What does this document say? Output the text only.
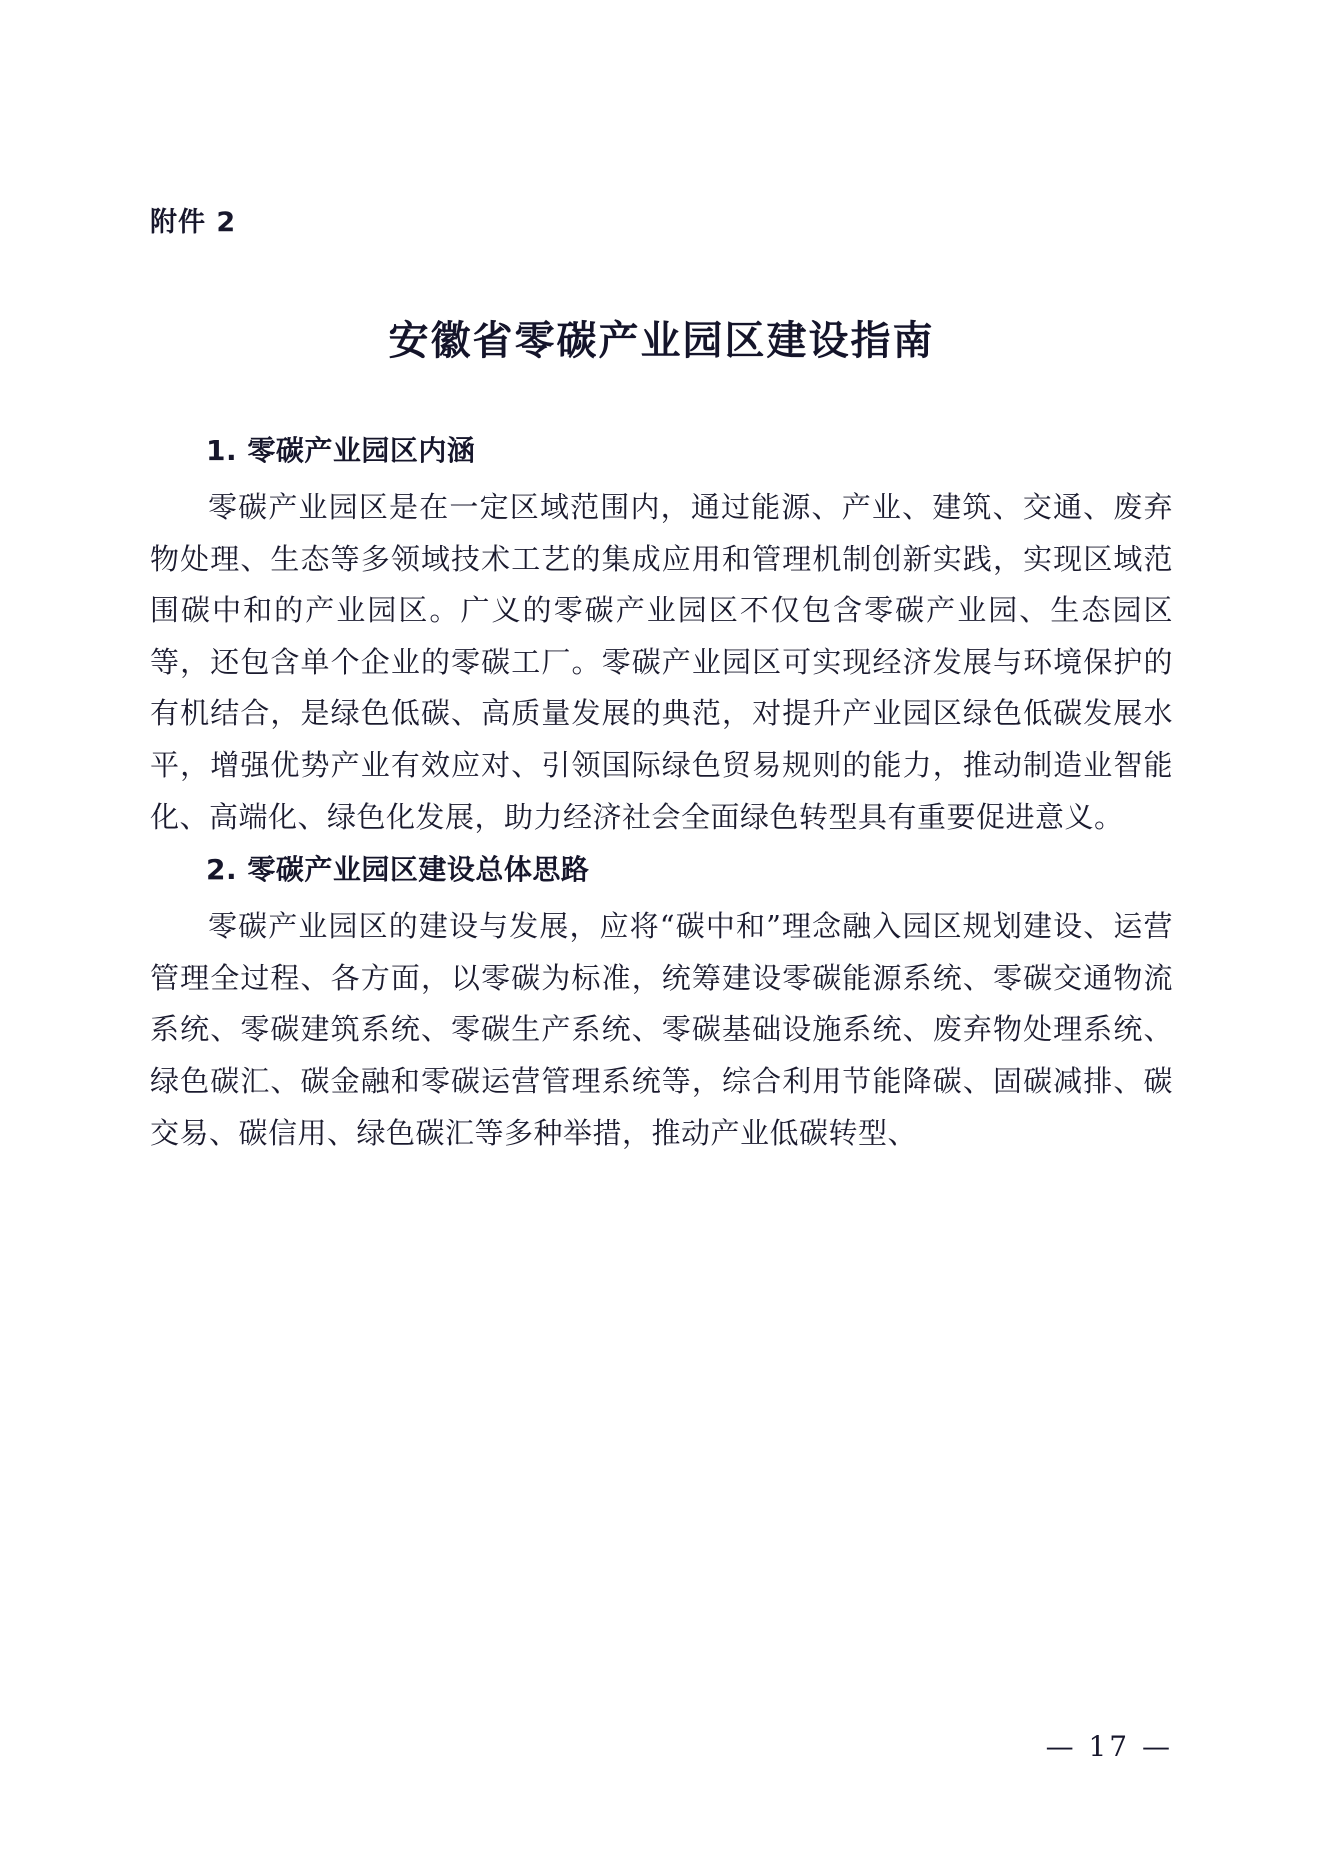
附件 2
安徽省零碳产业园区建设指南
1. 零碳产业园区内涵

零碳产业园区是在一定区域范围内，通过能源、产业、建筑、交通、废弃物处理、生态等多领域技术工艺的集成应用和管理机制创新实践，实现区域范围碳中和的产业园区。广义的零碳产业园区不仅包含零碳产业园、生态园区等，还包含单个企业的零碳工厂。零碳产业园区可实现经济发展与环境保护的有机结合，是绿色低碳、高质量发展的典范，对提升产业园区绿色低碳发展水平，增强优势产业有效应对、引领国际绿色贸易规则的能力，推动制造业智能化、高端化、绿色化发展，助力经济社会全面绿色转型具有重要促进意义。

2. 零碳产业园区建设总体思路

零碳产业园区的建设与发展，应将“碳中和”理念融入园区规划建设、运营管理全过程、各方面，以零碳为标准，统筹建设零碳能源系统、零碳交通物流系统、零碳建筑系统、零碳生产系统、零碳基础设施系统、废弃物处理系统、绿色碳汇、碳金融和零碳运营管理系统等，综合利用节能降碳、固碳减排、碳交易、碳信用、绿色碳汇等多种举措，推动产业低碳转型、

— 17 —
